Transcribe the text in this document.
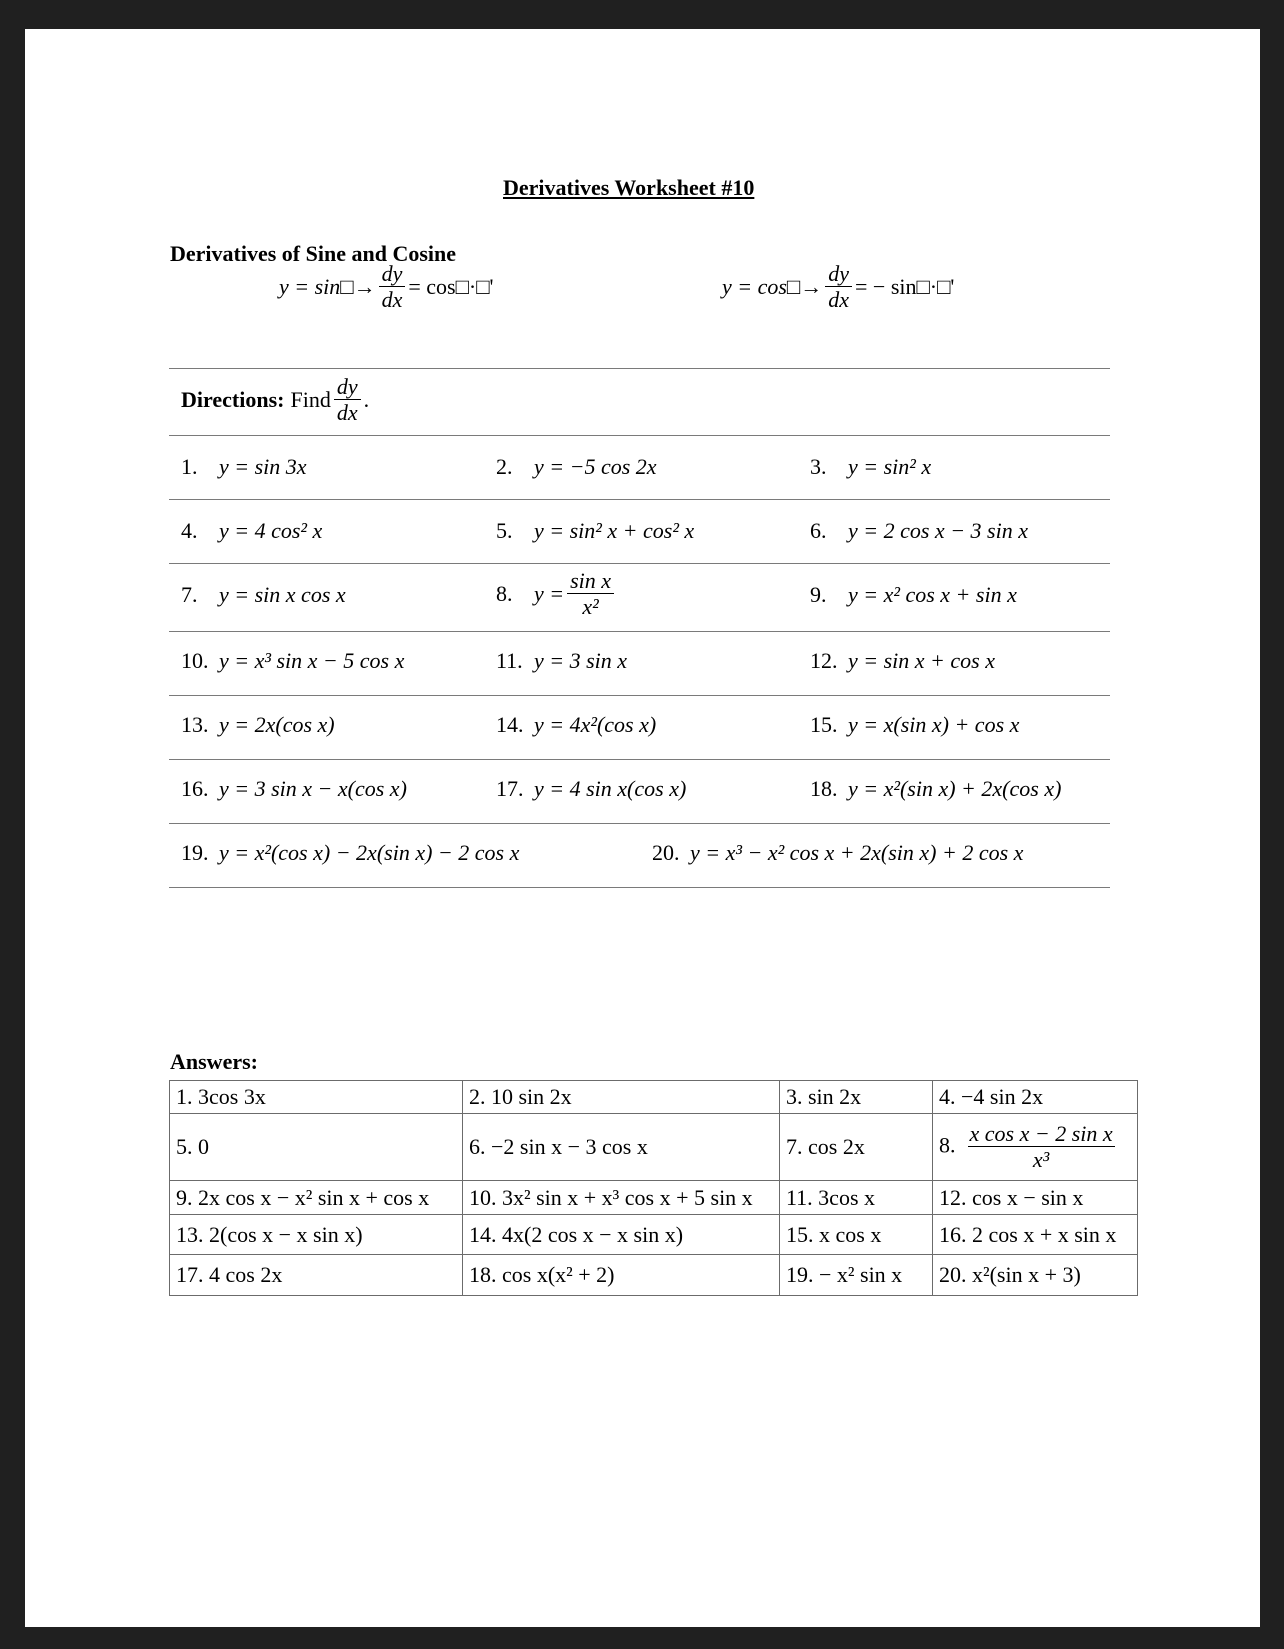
Derivatives Worksheet #10
Derivatives of Sine and Cosine
y = sin□→ $\frac{dy}{dx}$ = cos□·□'	y = cos□→ $\frac{dy}{dx}$ = − sin□·□'
Directions: Find $\frac{dy}{dx}$ .
1. y = sin 3x	2. y = −5 cos 2x	3. y = sin² x
4. y = 4 cos² x	5. y = sin² x + cos² x	6. y = 2 cos x − 3 sin x
7. y = sin x cos x	8. $y = \frac{\text{sin x}}{\text{x²}}$	9. y = x² cos x + sin x
10. y = x³ sin x − 5 cos x	11. y = 3 sin x	12. y = sin x + cos x
13. y = 2x(cos x)	14. y = 4x²(cos x)	15. y = x(sin x) + cos x
16. y = 3 sin x − x(cos x)	17. y = 4 sin x(cos x)	18. y = x²(sin x) + 2x(cos x)
19. y = x²(cos x) − 2x(sin x) − 2 cos x	20. y = x³ − x² cos x + 2x(sin x) + 2 cos x
Answers:
1. 3cos 3x	2. 10 sin 2x	3. sin 2x	4. −4 sin 2x
5. 0	6. −2 sin x − 3 cos x	7. cos 2x	8. $\frac{\text{x cos x − 2 sin x}}{\text{x³}}$

9. 2x cos x − x² sin x + cos x	10. 3x² sin x + x³ cos x + 5 sin x	11. 3cos x	12. cos x − sin x
13. 2(cos x − x sin x)	14. 4x(2 cos x − x sin x)	15. x cos x	16. 2 cos x + x sin x
17. 4 cos 2x	18. cos x(x² + 2)	19. − x² sin x	20. x²(sin x + 3)
